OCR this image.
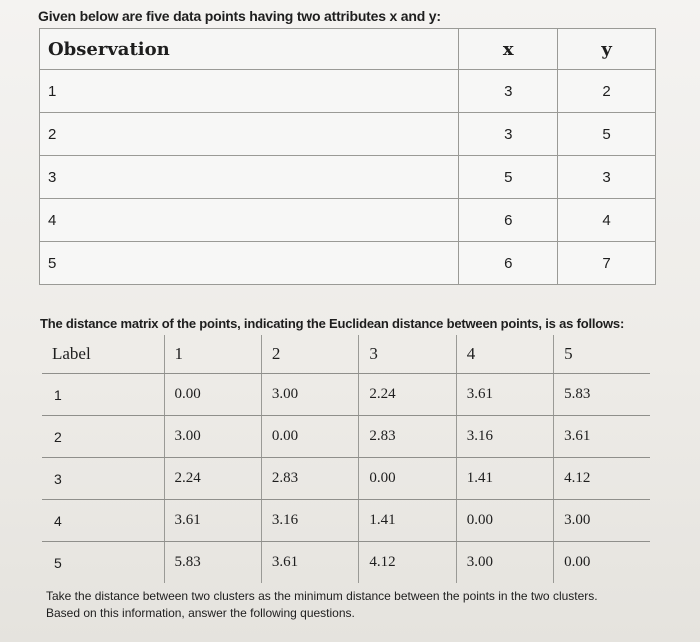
Given below are five data points having two attributes x and y:
Observation	x	y
1	3	2
2	3	5
3	5	3
4	6	4
5	6	7
The distance matrix of the points, indicating the Euclidean distance between points, is as follows:
Label	1	2	3	4	5
1	0.00	3.00	2.24	3.61	5.83
2	3.00	0.00	2.83	3.16	3.61
3	2.24	2.83	0.00	1.41	4.12
4	3.61	3.16	1.41	0.00	3.00
5	5.83	3.61	4.12	3.00	0.00
Take the distance between two clusters as the minimum distance between the points in the two clusters. Based on this information, answer the following questions.
